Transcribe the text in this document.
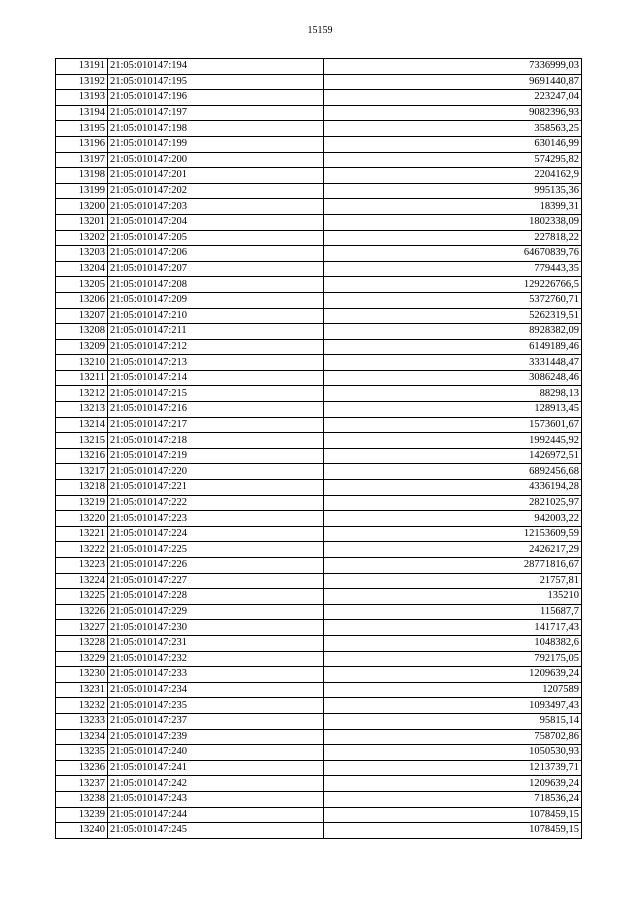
15159
13191	21:05:010147:194	7336999,03
13192	21:05:010147:195	9691440,87
13193	21:05:010147:196	223247,04
13194	21:05:010147:197	9082396,93
13195	21:05:010147:198	358563,25
13196	21:05:010147:199	630146,99
13197	21:05:010147:200	574295,82
13198	21:05:010147:201	2204162,9
13199	21:05:010147:202	995135,36
13200	21:05:010147:203	18399,31
13201	21:05:010147:204	1802338,09
13202	21:05:010147:205	227818,22
13203	21:05:010147:206	64670839,76
13204	21:05:010147:207	779443,35
13205	21:05:010147:208	129226766,5
13206	21:05:010147:209	5372760,71
13207	21:05:010147:210	5262319,51
13208	21:05:010147:211	8928382,09
13209	21:05:010147:212	6149189,46
13210	21:05:010147:213	3331448,47
13211	21:05:010147:214	3086248,46
13212	21:05:010147:215	88298,13
13213	21:05:010147:216	128913,45
13214	21:05:010147:217	1573601,67
13215	21:05:010147:218	1992445,92
13216	21:05:010147:219	1426972,51
13217	21:05:010147:220	6892456,68
13218	21:05:010147:221	4336194,28
13219	21:05:010147:222	2821025,97
13220	21:05:010147:223	942003,22
13221	21:05:010147:224	12153609,59
13222	21:05:010147:225	2426217,29
13223	21:05:010147:226	28771816,67
13224	21:05:010147:227	21757,81
13225	21:05:010147:228	135210
13226	21:05:010147:229	115687,7
13227	21:05:010147:230	141717,43
13228	21:05:010147:231	1048382,6
13229	21:05:010147:232	792175,05
13230	21:05:010147:233	1209639,24
13231	21:05:010147:234	1207589
13232	21:05:010147:235	1093497,43
13233	21:05:010147:237	95815,14
13234	21:05:010147:239	758702,86
13235	21:05:010147:240	1050530,93
13236	21:05:010147:241	1213739,71
13237	21:05:010147:242	1209639,24
13238	21:05:010147:243	718536,24
13239	21:05:010147:244	1078459,15
13240	21:05:010147:245	1078459,15
